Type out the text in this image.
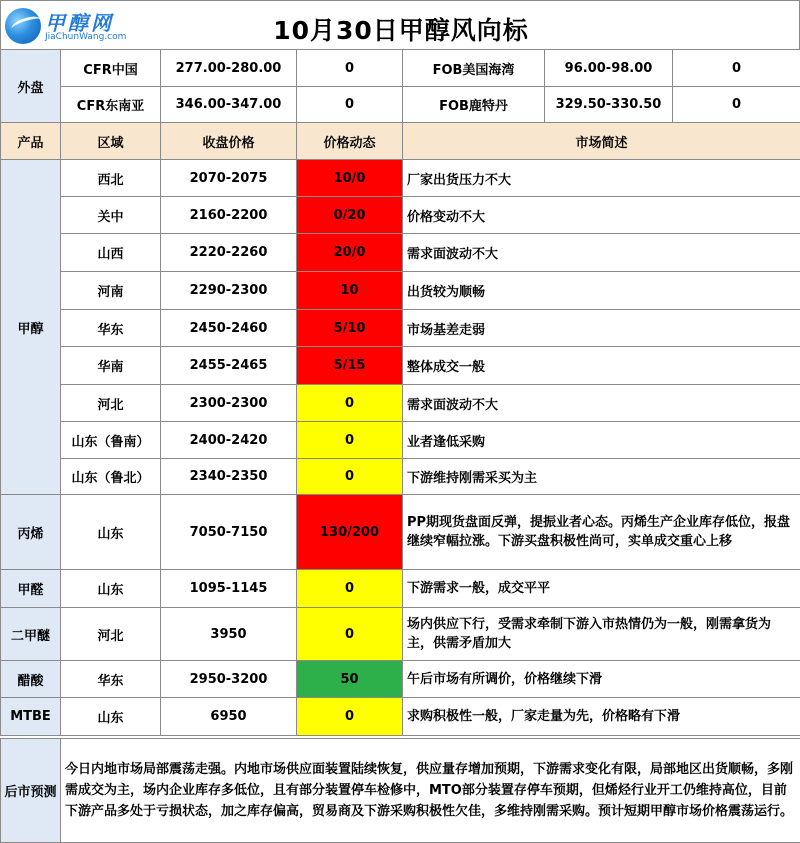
甲醇网
JiaChunWang.com	10月30日甲醇风向标
外盘	CFR中国	277.00-280.00	0	FOB美国海湾	96.00-98.00	0
	CFR东南亚	346.00-347.00	0	FOB鹿特丹	329.50-330.50	0
产品	区域	收盘价格	价格动态	市场简述
甲醇	西北	2070-2075	10/0	厂家出货压力不大
	关中	2160-2200	0/20	价格变动不大
	山西	2220-2260	20/0	需求面波动不大
	河南	2290-2300	10	出货较为顺畅
	华东	2450-2460	5/10	市场基差走弱
	华南	2455-2465	5/15	整体成交一般
	河北	2300-2300	0	需求面波动不大
	山东（鲁南）	2400-2420	0	业者逢低采购
	山东（鲁北）	2340-2350	0	下游维持刚需采买为主
丙烯	山东	7050-7150	130/200	PP期现货盘面反弹，提振业者心态。丙烯生产企业库存低位，报盘继续窄幅拉涨。下游买盘积极性尚可，实单成交重心上移
甲醛	山东	1095-1145	0	下游需求一般，成交平平
二甲醚	河北	3950	0	场内供应下行，受需求牵制下游入市热情仍为一般，刚需拿货为主，供需矛盾加大
醋酸	华东	2950-3200	50	午后市场有所调价，价格继续下滑
MTBE	山东	6950	0	求购积极性一般，厂家走量为先，价格略有下滑
后市预测	今日内地市场局部震荡走强。内地市场供应面装置陆续恢复，供应量存增加预期，下游需求变化有限，局部地区出货顺畅，多刚需成交为主，场内企业库存多低位，且有部分装置停车检修中，MTO部分装置存停车预期，但烯烃行业开工仍维持高位，目前下游产品多处于亏损状态，加之库存偏高，贸易商及下游采购积极性欠佳，多维持刚需采购。预计短期甲醇市场价格震荡运行。
